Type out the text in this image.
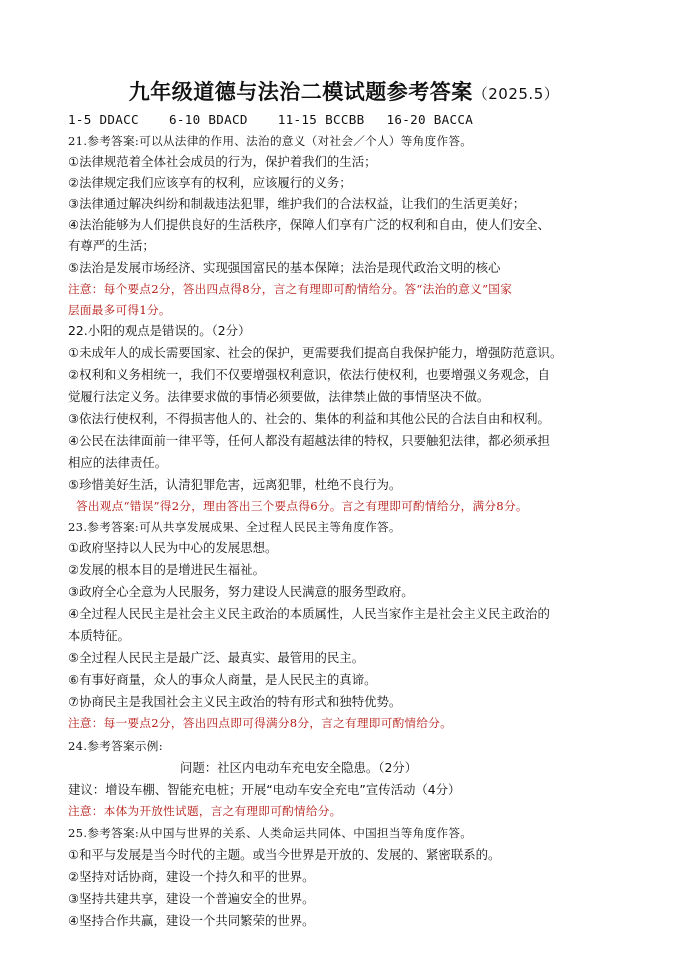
九年级道德与法治二模试题参考答案（2025.5）
1-5 DDACC 6-10 BDACD 11-15 BCCBB 16-20 BACCA
21.参考答案:可以从法律的作用、法治的意义（对社会／个人）等角度作答。
①法律规范着全体社会成员的行为，保护着我们的生活；
②法律规定我们应该享有的权利，应该履行的义务；
③法律通过解决纠纷和制裁违法犯罪，维护我们的合法权益，让我们的生活更美好；
④法治能够为人们提供良好的生活秩序，保障人们享有广泛的权利和自由，使人们安全、
有尊严的生活；
⑤法治是发展市场经济、实现强国富民的基本保障；法治是现代政治文明的核心
注意：每个要点2分，答出四点得8分，言之有理即可酌情给分。答“法治的意义”国家
层面最多可得1分。
22.小阳的观点是错误的。（2分）
①未成年人的成长需要国家、社会的保护，更需要我们提高自我保护能力，增强防范意识。
②权利和义务相统一，我们不仅要增强权利意识，依法行使权利，也要增强义务观念，自
觉履行法定义务。法律要求做的事情必须要做，法律禁止做的事情坚决不做。
③依法行使权利，不得损害他人的、社会的、集体的利益和其他公民的合法自由和权利。
④公民在法律面前一律平等，任何人都没有超越法律的特权，只要触犯法律，都必须承担
相应的法律责任。
⑤珍惜美好生活，认清犯罪危害，远离犯罪，杜绝不良行为。
答出观点“错误”得2分，理由答出三个要点得6分。言之有理即可酌情给分，满分8分。
23.参考答案:可从共享发展成果、全过程人民民主等角度作答。
①政府坚持以人民为中心的发展思想。
②发展的根本目的是增进民生福祉。
③政府全心全意为人民服务，努力建设人民满意的服务型政府。
④全过程人民民主是社会主义民主政治的本质属性，人民当家作主是社会主义民主政治的
本质特征。
⑤全过程人民民主是最广泛、最真实、最管用的民主。
⑥有事好商量，众人的事众人商量，是人民民主的真谛。
⑦协商民主是我国社会主义民主政治的特有形式和独特优势。
注意：每一要点2分，答出四点即可得满分8分，言之有理即可酌情给分。
24.参考答案示例:
问题：社区内电动车充电安全隐患。（2分）
建议：增设车棚、智能充电桩；开展“电动车安全充电”宣传活动（4分）
注意：本体为开放性试题，言之有理即可酌情给分。
25.参考答案:从中国与世界的关系、人类命运共同体、中国担当等角度作答。
①和平与发展是当今时代的主题。或当今世界是开放的、发展的、紧密联系的。
②坚持对话协商，建设一个持久和平的世界。
③坚持共建共享，建设一个普遍安全的世界。
④坚持合作共赢，建设一个共同繁荣的世界。
